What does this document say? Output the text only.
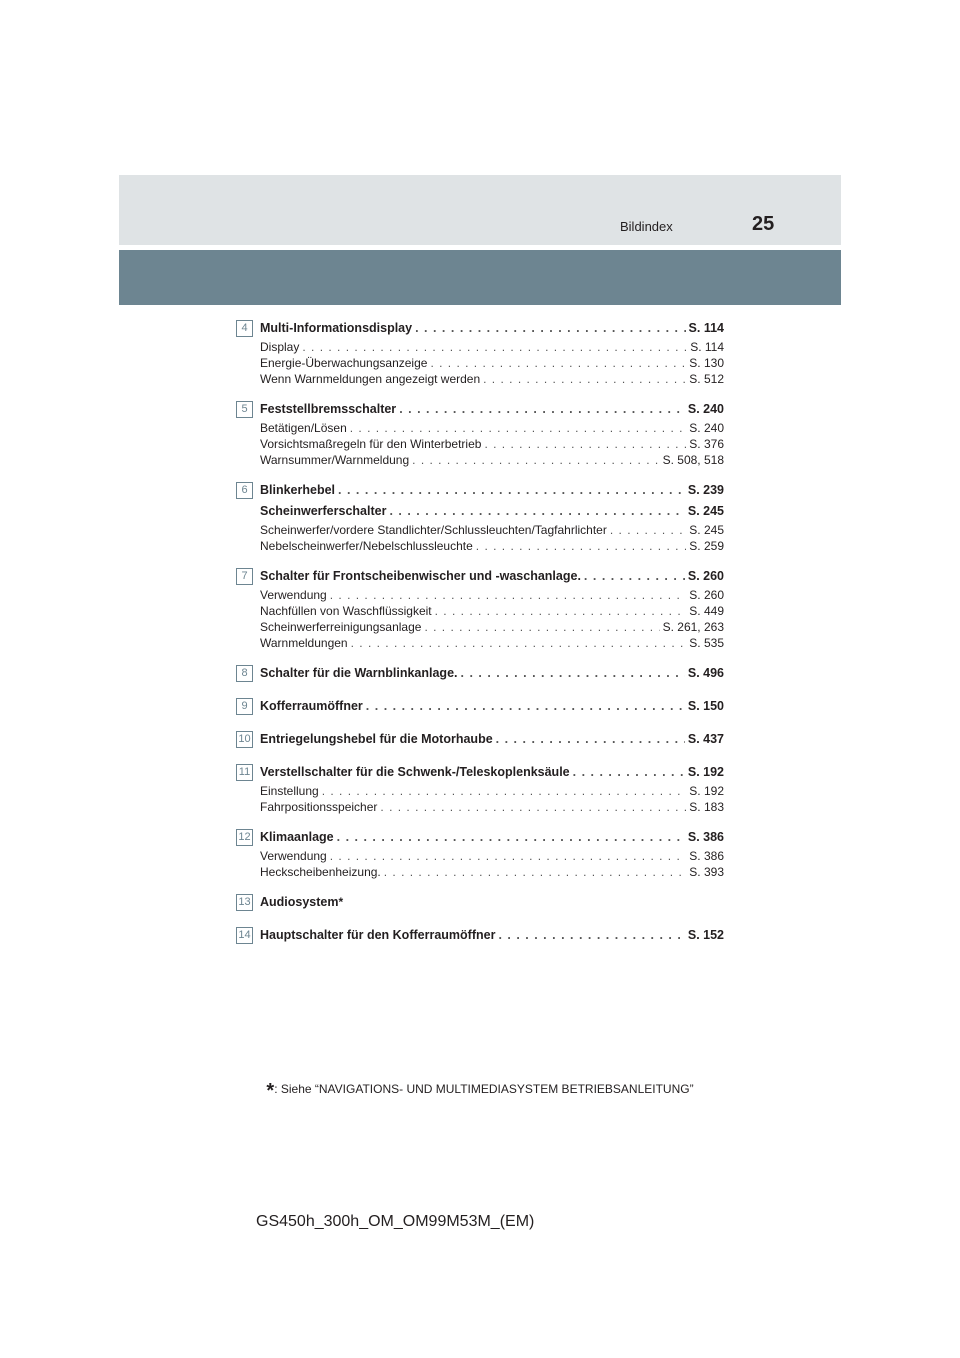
Bildindex	25
4 Multi-Informationsdisplay . . .	S. 114
Display . . .	S. 114
Energie-Überwachungsanzeige . . .	S. 130
Wenn Warnmeldungen angezeigt werden . . .	S. 512
5 Feststellbremsschalter . . .	S. 240
Betätigen/Lösen . . .	S. 240
Vorsichtsmaßregeln für den Winterbetrieb . . .	S. 376
Warnsummer/Warnmeldung . . .	S. 508, 518
6 Blinkerhebel . . .	S. 239
Scheinwerferschalter . . .	S. 245
Scheinwerfer/vordere Standlichter/Schlussleuchten/Tagfahrlichter . . .	S. 245
Nebelscheinwerfer/Nebelschlussleuchte . . .	S. 259
7 Schalter für Frontscheibenwischer und -waschanlage. . . .	S. 260
Verwendung . . .	S. 260
Nachfüllen von Waschflüssigkeit . . .	S. 449
Scheinwerferreinigungsanlage . . .	S. 261, 263
Warnmeldungen . . .	S. 535
8 Schalter für die Warnblinkanlage. . . .	S. 496
9 Kofferraumöffner . . .	S. 150
10 Entriegelungshebel für die Motorhaube . . .	S. 437
11 Verstellschalter für die Schwenk-/Teleskoplenksäule . . .	S. 192
Einstellung . . .	S. 192
Fahrpositionsspeicher . . .	S. 183
12 Klimaanlage . . .	S. 386
Verwendung . . .	S. 386
Heckscheibenheizung. . . .	S. 393
13 Audiosystem *
14 Hauptschalter für den Kofferraumöffner . . .	S. 152
*: Siehe “NAVIGATIONS- UND MULTIMEDIASYSTEM BETRIEBSANLEITUNG”
GS450h_300h_OM_OM99M53M_(EM)
